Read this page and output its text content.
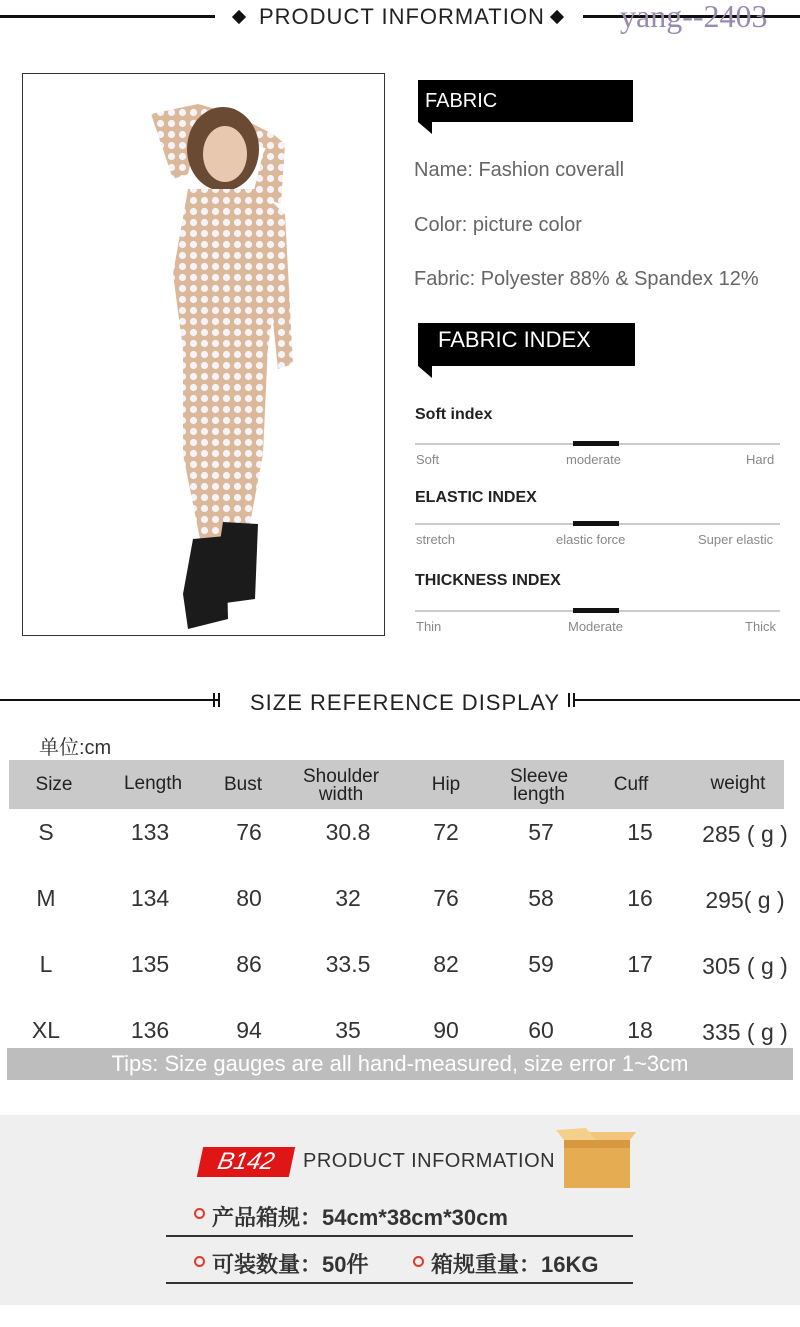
PRODUCT INFORMATION yang--2403
FABRIC INFORMATION
Name: Fashion coverall
Color: picture color
Fabric: Polyester 88% & Spandex 12%
FABRIC INDEX
Soft index
Soft	moderate	Hard
ELASTIC INDEX
stretch	elastic force	Super elastic
THICKNESS INDEX
Thin	Moderate	Thick
SIZE REFERENCE DISPLAY
单位:cm
Size	Length	Bust	Shoulder width	Hip	Sleeve length	Cuff	weight
S	133	76	30.8	72	57	15	285 ( g )
M	134	80	32	76	58	16	295( g )
L	135	86	33.5	82	59	17	305 ( g )
XL	136	94	35	90	60	18	335 ( g )
Tips: Size gauges are all hand-measured, size error 1~3cm
B142	PRODUCT INFORMATION
产品箱规：54cm*38cm*30cm
可装数量：50件	箱规重量：16KG
